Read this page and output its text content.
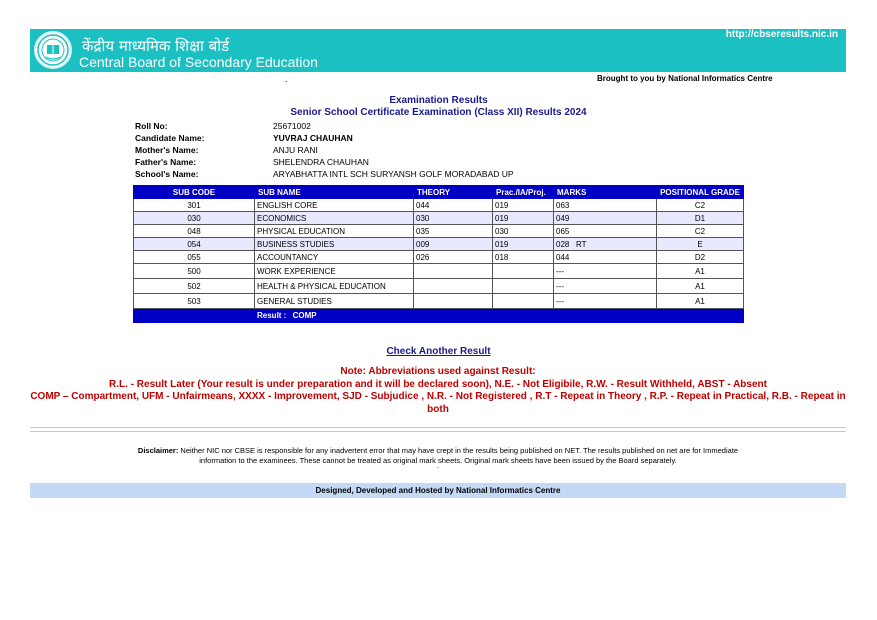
केंद्रीय माध्यमिक शिक्षा बोर्ड
Central Board of Secondary Education
http://cbseresults.nic.in
.	Brought to you by National Informatics Centre
Examination Results
Senior School Certificate Examination (Class XII) Results 2024
Roll No:	25671002
Candidate Name:	YUVRAJ CHAUHAN
Mother's Name:	ANJU RANI
Father's Name:	SHELENDRA CHAUHAN
School's Name:	ARYABHATTA INTL SCH SURYANSH GOLF MORADABAD UP
SUB CODE	SUB NAME	THEORY	Prac./IA/Proj.	MARKS	POSITIONAL GRADE
301	ENGLISH CORE	044	019	063	C2
030	ECONOMICS	030	019	049	D1
048	PHYSICAL EDUCATION	035	030	065	C2
054	BUSINESS STUDIES	009	019	028   RT	E
055	ACCOUNTANCY	026	018	044	D2
500	WORK EXPERIENCE			---	A1
502	HEALTH & PHYSICAL EDUCATION			---	A1
503	GENERAL STUDIES			---	A1
	Result : COMP				
Check Another Result
Note: Abbreviations used against Result:
R.L. - Result Later (Your result is under preparation and it will be declared soon), N.E. - Not Eligibile, R.W. - Result Withheld, ABST - Absent
COMP – Compartment, UFM - Unfairmeans, XXXX - Improvement, SJD - Subjudice , N.R. - Not Registered , R.T - Repeat in Theory , R.P. - Repeat in Practical, R.B. - Repeat in both
Disclaimer: Neither NIC nor CBSE is responsible for any inadvertent error that may have crept in the results being published on NET. The results published on net are for Immediate information to the examinees. These cannot be treated as original mark sheets. Original mark sheets have been issued by the Board separately.
.
Designed, Developed and Hosted by National Informatics Centre
